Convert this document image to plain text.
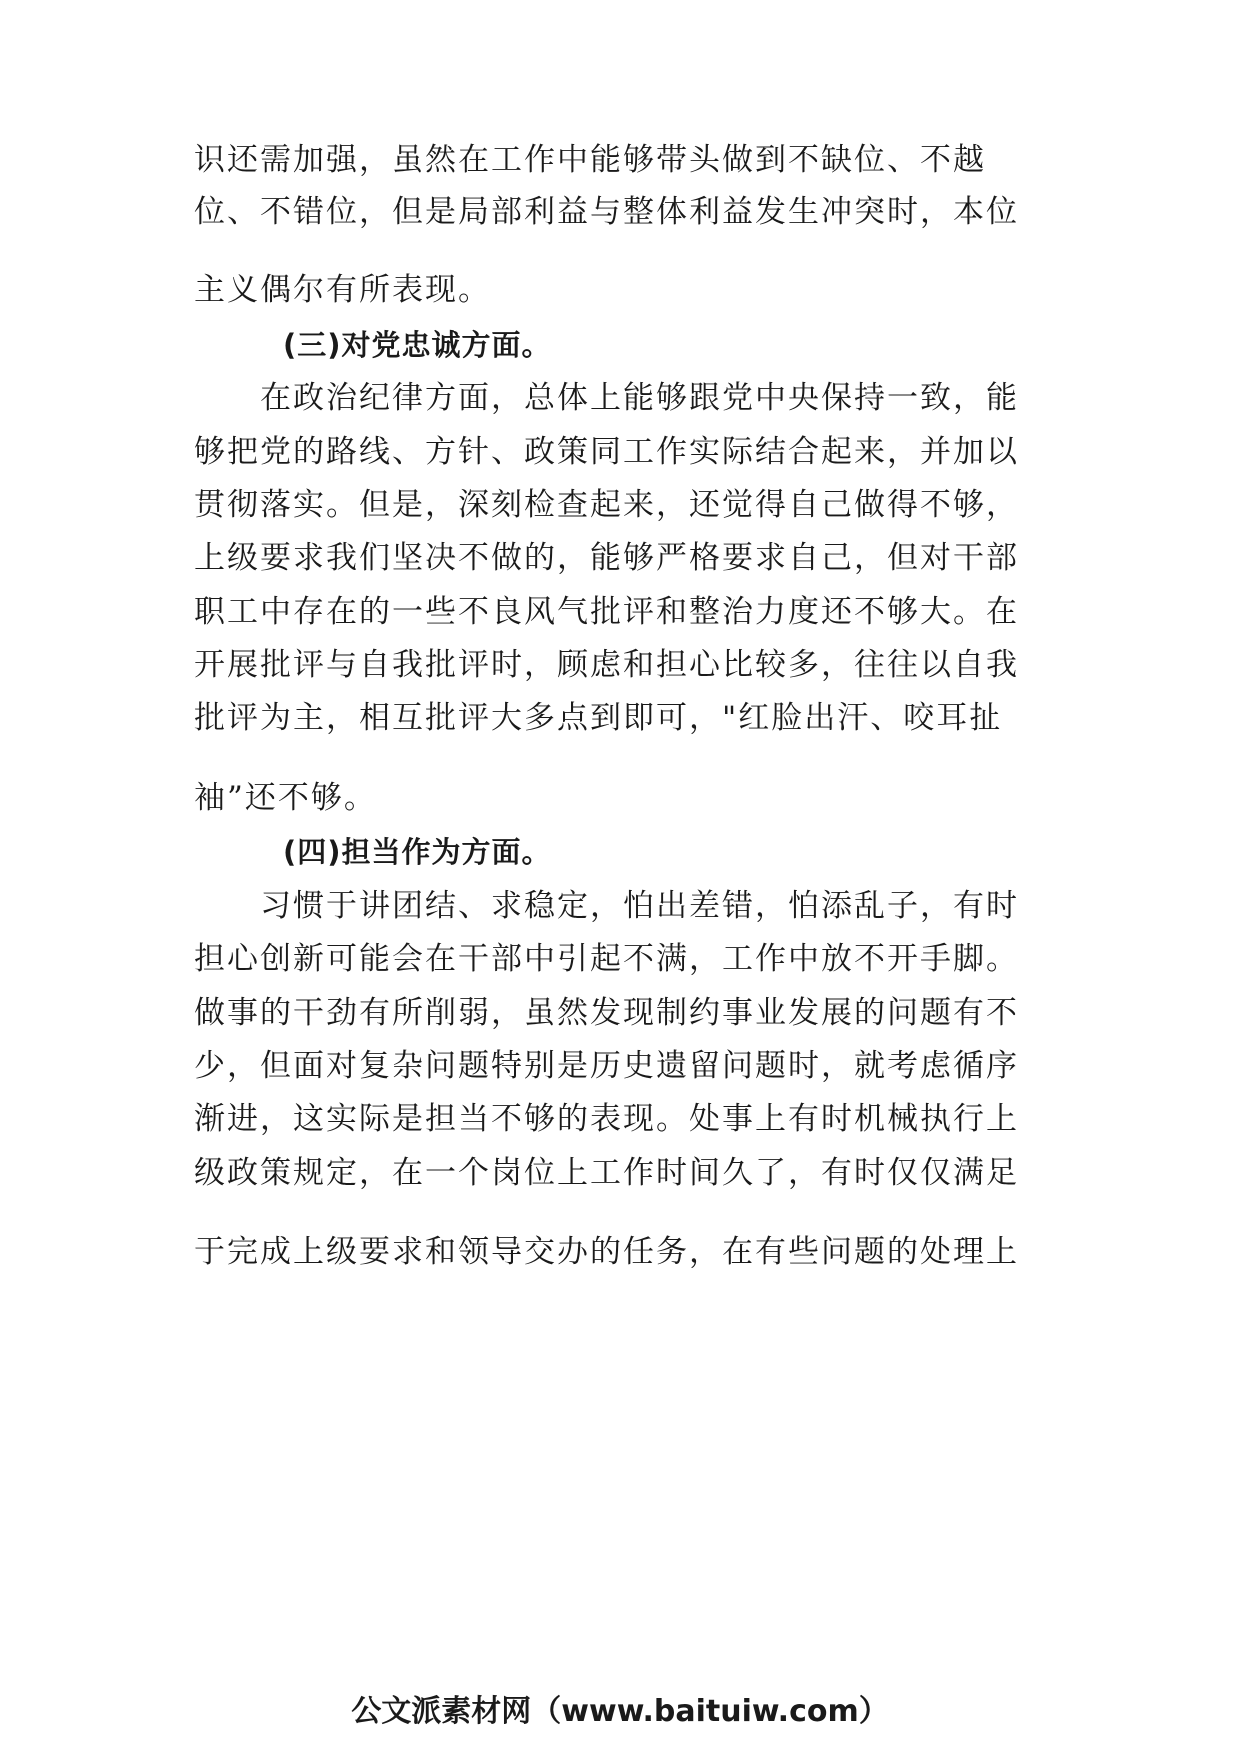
识还需加强，虽然在工作中能够带头做到不缺位、不越
位、不错位，但是局部利益与整体利益发生冲突时，本位
主义偶尔有所表现。
(三)对党忠诚方面。
在政治纪律方面，总体上能够跟党中央保持一致，能
够把党的路线、方针、政策同工作实际结合起来，并加以
贯彻落实。但是，深刻检查起来，还觉得自己做得不够，
上级要求我们坚决不做的，能够严格要求自己，但对干部
职工中存在的一些不良风气批评和整治力度还不够大。在
开展批评与自我批评时，顾虑和担心比较多，往往以自我
批评为主，相互批评大多点到即可，"红脸出汗、咬耳扯
袖”还不够。
(四)担当作为方面。
习惯于讲团结、求稳定，怕出差错，怕添乱子，有时
担心创新可能会在干部中引起不满，工作中放不开手脚。
做事的干劲有所削弱，虽然发现制约事业发展的问题有不
少，但面对复杂问题特别是历史遗留问题时，就考虑循序
渐进，这实际是担当不够的表现。处事上有时机械执行上
级政策规定，在一个岗位上工作时间久了，有时仅仅满足
于完成上级要求和领导交办的任务，在有些问题的处理上
公文派素材网（www.baituiw.com）
